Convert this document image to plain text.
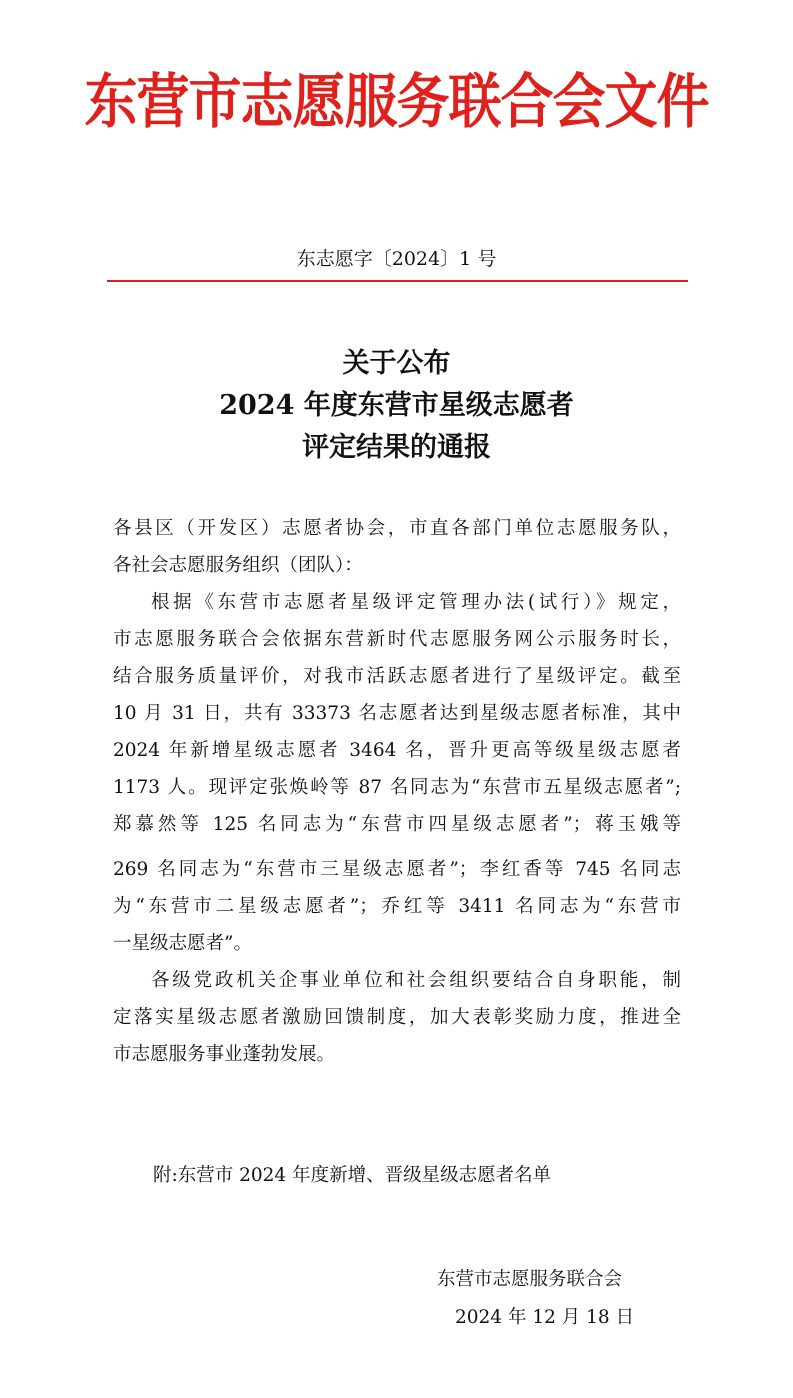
东营市志愿服务联合会文件
东志愿字〔2024〕1 号
关于公布
2024 年度东营市星级志愿者
评定结果的通报
各县区（开发区）志愿者协会，市直各部门单位志愿服务队，
各社会志愿服务组织（团队）：
根据《东营市志愿者星级评定管理办法(试行）》规定，
市志愿服务联合会依据东营新时代志愿服务网公示服务时长，
结合服务质量评价，对我市活跃志愿者进行了星级评定。截至
10 月 31 日，共有 33373 名志愿者达到星级志愿者标准，其中
2024 年新增星级志愿者 3464 名，晋升更高等级星级志愿者
1173 人。现评定张焕岭等 87 名同志为“东营市五星级志愿者”;
郑慕然等 125 名同志为“东营市四星级志愿者”；蒋玉娥等
269 名同志为“东营市三星级志愿者”；李红香等 745 名同志
为“东营市二星级志愿者”；乔红等 3411 名同志为“东营市
一星级志愿者”。
各级党政机关企事业单位和社会组织要结合自身职能，制
定落实星级志愿者激励回馈制度，加大表彰奖励力度，推进全
市志愿服务事业蓬勃发展。
附:东营市 2024 年度新增、晋级星级志愿者名单
东营市志愿服务联合会
2024 年 12 月 18 日
